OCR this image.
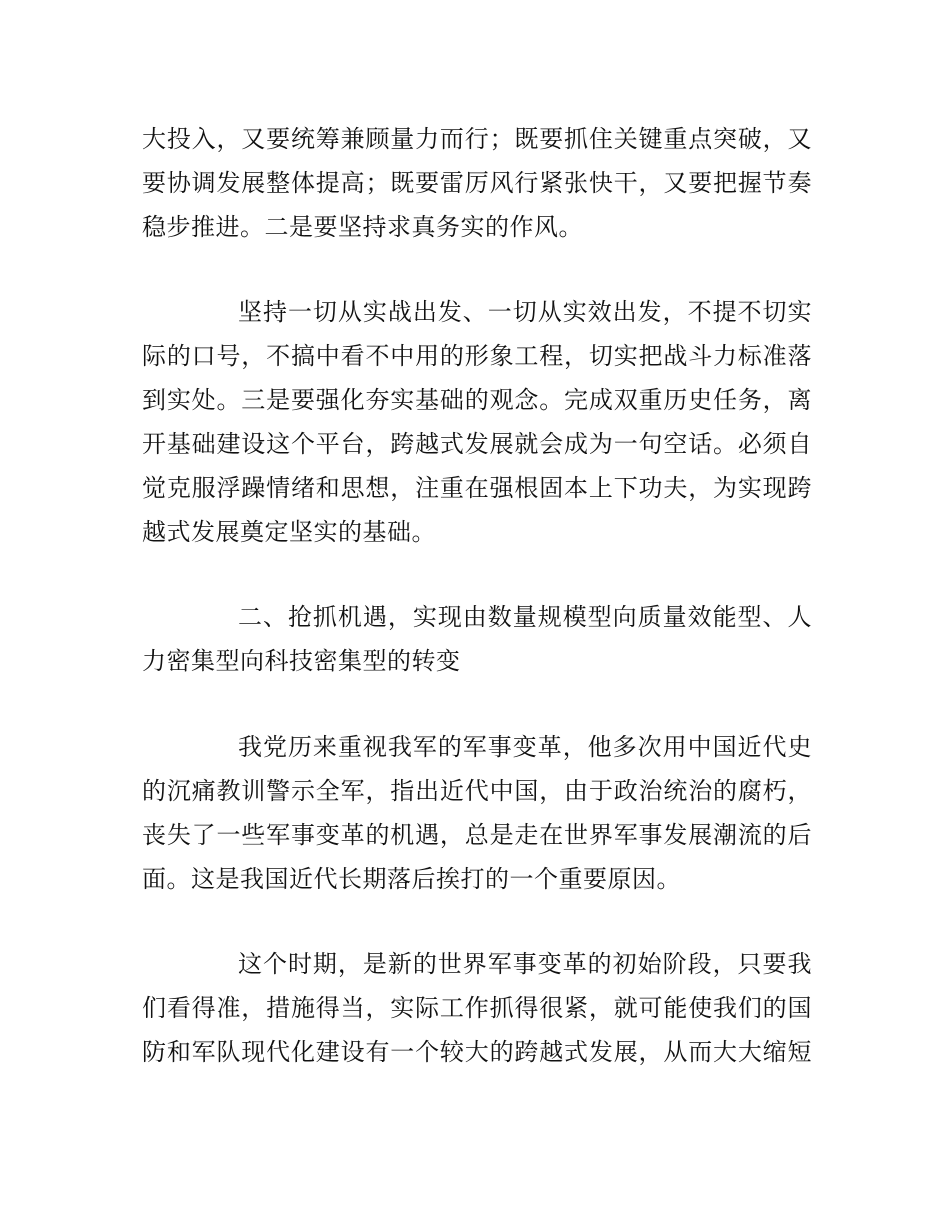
大投入，又要统筹兼顾量力而行；既要抓住关键重点突破，又
要协调发展整体提高；既要雷厉风行紧张快干，又要把握节奏
稳步推进。二是要坚持求真务实的作风。
坚持一切从实战出发、一切从实效出发，不提不切实
际的口号，不搞中看不中用的形象工程，切实把战斗力标准落
到实处。三是要强化夯实基础的观念。完成双重历史任务，离
开基础建设这个平台，跨越式发展就会成为一句空话。必须自
觉克服浮躁情绪和思想，注重在强根固本上下功夫，为实现跨
越式发展奠定坚实的基础。
二、抢抓机遇，实现由数量规模型向质量效能型、人
力密集型向科技密集型的转变
我党历来重视我军的军事变革，他多次用中国近代史
的沉痛教训警示全军，指出近代中国，由于政治统治的腐朽，
丧失了一些军事变革的机遇，总是走在世界军事发展潮流的后
面。这是我国近代长期落后挨打的一个重要原因。
这个时期，是新的世界军事变革的初始阶段，只要我
们看得准，措施得当，实际工作抓得很紧，就可能使我们的国
防和军队现代化建设有一个较大的跨越式发展，从而大大缩短
